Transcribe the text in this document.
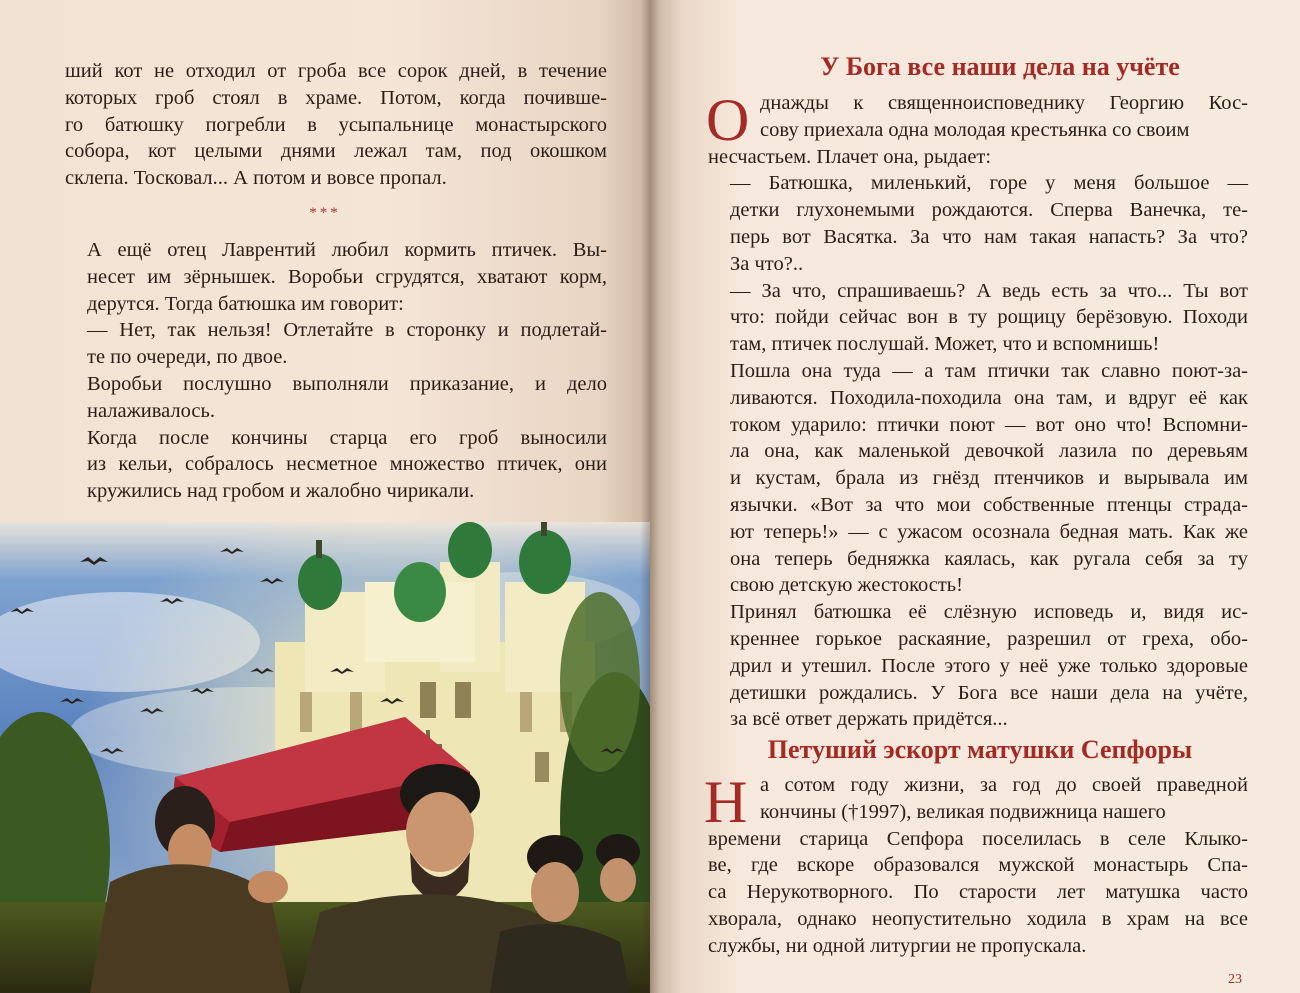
ший кот не отходил от гроба все сорок дней, в течение
которых гроб стоял в храме. Потом, когда почивше-
го батюшку погребли в усыпальнице монастырского
собора, кот целыми днями лежал там, под окошком
склепа. Тосковал... А потом и вовсе пропал.

***

А ещё отец Лаврентий любил кормить птичек. Вы-
несет им зёрнышек. Воробьи сгрудятся, хватают корм,
дерутся. Тогда батюшка им говорит:

— Нет, так нельзя! Отлетайте в сторонку и подлетай-
те по очереди, по двое.

Воробьи послушно выполняли приказание, и дело
налаживалось.

Когда после кончины старца его гроб выносили
из кельи, собралось несметное множество птичек, они
кружились над гробом и жалобно чирикали.

У Бога все наши дела на учёте
О днажды к священноисповеднику Георгию Кос-
сову приехала одна молодая крестьянка со своим

несчастьем. Плачет она, рыдает:

— Батюшка, миленький, горе у меня большое —
детки глухонемыми рождаются. Сперва Ванечка, те-
перь вот Васятка. За что нам такая напасть? За что?
За что?..

— За что, спрашиваешь? А ведь есть за что... Ты вот
что: пойди сейчас вон в ту рощицу берёзовую. Походи
там, птичек послушай. Может, что и вспомнишь!

Пошла она туда — а там птички так славно поют-за-
ливаются. Походила-походила она там, и вдруг её как
током ударило: птички поют — вот оно что! Вспомни-
ла она, как маленькой девочкой лазила по деревьям
и кустам, брала из гнёзд птенчиков и вырывала им
язычки. «Вот за что мои собственные птенцы страда-
ют теперь!» — с ужасом осознала бедная мать. Как же
она теперь бедняжка каялась, как ругала себя за ту
свою детскую жестокость!

Принял батюшка её слёзную исповедь и, видя ис-
креннее горькое раскаяние, разрешил от греха, обо-
дрил и утешил. После этого у неё уже только здоровые
детишки рождались. У Бога все наши дела на учёте,
за всё ответ держать придётся...

Петуший эскорт матушки Сепфоры
Н а сотом году жизни, за год до своей праведной
кончины (†1997), великая подвижница нашего

времени старица Сепфора поселилась в селе Клыко-
ве, где вскоре образовался мужской монастырь Спа-
са Нерукотворного. По старости лет матушка часто
хворала, однако неопустительно ходила в храм на все
службы, ни одной литургии не пропускала.

23
